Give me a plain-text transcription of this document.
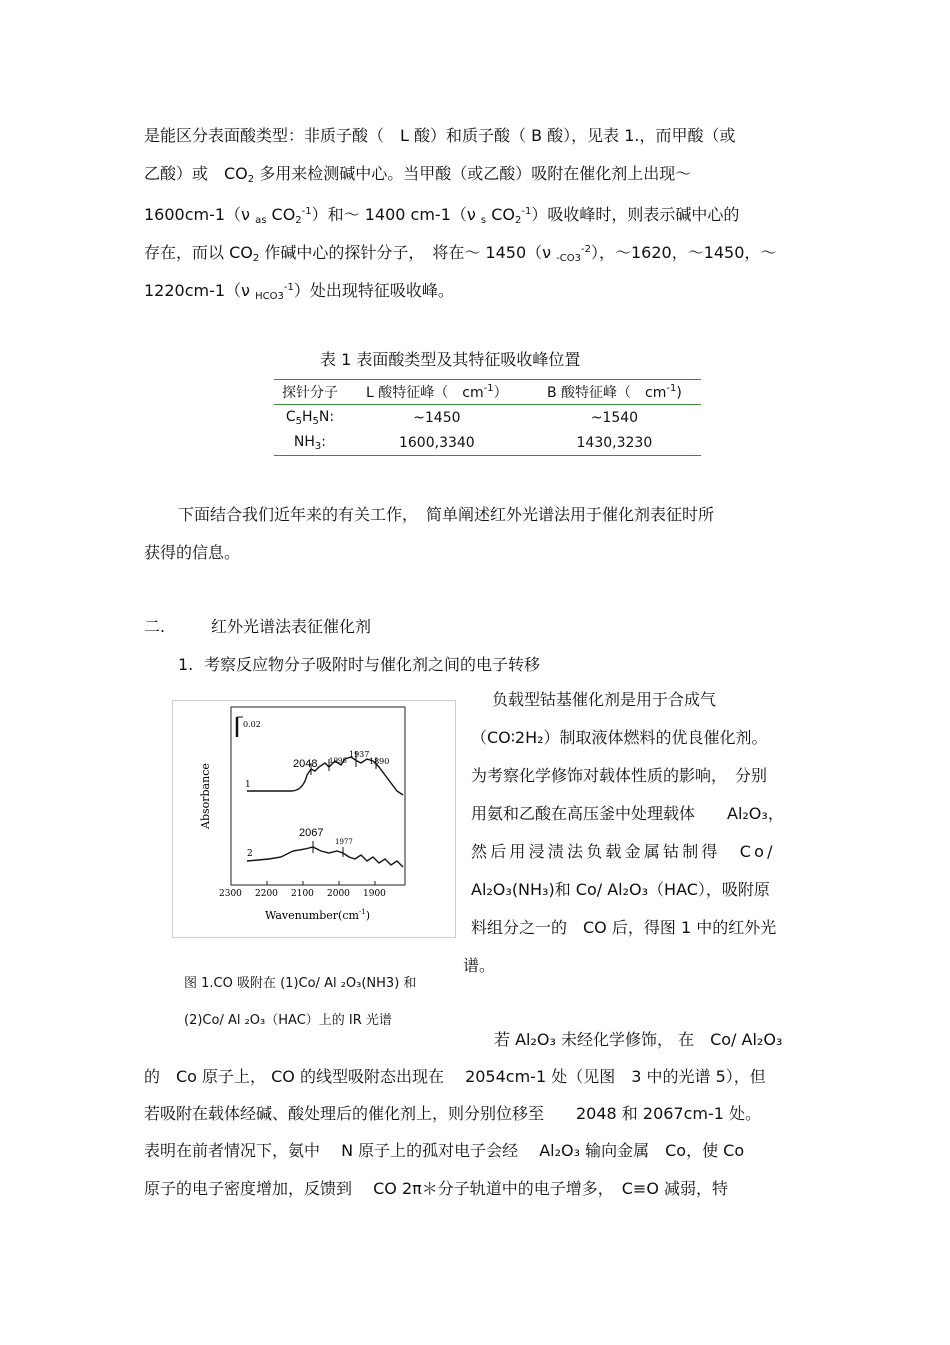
是能区分表面酸类型：非质子酸（　L 酸）和质子酸（ B 酸），见表 1.，而甲酸（或
乙酸）或　$CO_2$ 多用来检测碱中心。当甲酸（或乙酸）吸附在催化剂上出现～
1600cm-1（ν $_{as}$ $CO_2^{-1}$）和～ 1400 cm-1（ν $_s$ $CO_2^{-1}$）吸收峰时，则表示碱中心的
存在，而以 $CO_2$ 作碱中心的探针分子，　将在～ 1450（ν $_{-CO3}^{-2}$），～1620，～1450，～
1220cm-1（ν $_{HCO3}^{-1}$）处出现特征吸收峰。
表 1 表面酸类型及其特征吸收峰位置
探针分子	L 酸特征峰（　$cm^{-1}$）	B 酸特征峰（　$cm^{-1}$)
$C_5H_5N$:	~1450	~1540
$NH_3$:	1600,3340	1430,3230
下面结合我们近年来的有关工作，　简单阐述红外光谱法用于催化剂表征时所
获得的信息。
二.	红外光谱法表征催化剂
1. 考察反应物分子吸附时与催化剂之间的电子转移
0.02
Absorbance
2300 2200 2100 2000 1900
$Wavenumber(cm^{-1})$
1
2048 1996
1937
1890
2
2067
1977
负载型钴基催化剂是用于合成气
（CO∶2H₂）制取液体燃料的优良催化剂。
为考察化学修饰对载体性质的影响，　分别
用氨和乙酸在高压釜中处理载体　　Al₂O₃，
然后用浸渍法负载金属钴制得　Co/
Al₂O₃(NH₃)和 Co/ Al₂O₃（HAC），吸附原
料组分之一的　CO 后，得图 1 中的红外光
谱。
图 1.CO 吸附在 (1)Co/ Al ₂O₃(NH3) 和
(2)Co/ Al ₂O₃（HAC）上的 IR 光谱
若 Al₂O₃ 未经化学修饰， 在　Co/ Al₂O₃
的　Co 原子上， CO 的线型吸附态出现在　 2054cm-1 处（见图　3 中的光谱 5），但
若吸附在载体经碱、酸处理后的催化剂上，则分别位移至　　2048 和 2067cm-1 处。
表明在前者情况下，氨中　 N 原子上的孤对电子会经　 Al₂O₃ 输向金属　Co，使 Co
原子的电子密度增加，反馈到　 CO 2π＊分子轨道中的电子增多，　C≡O 减弱，特
